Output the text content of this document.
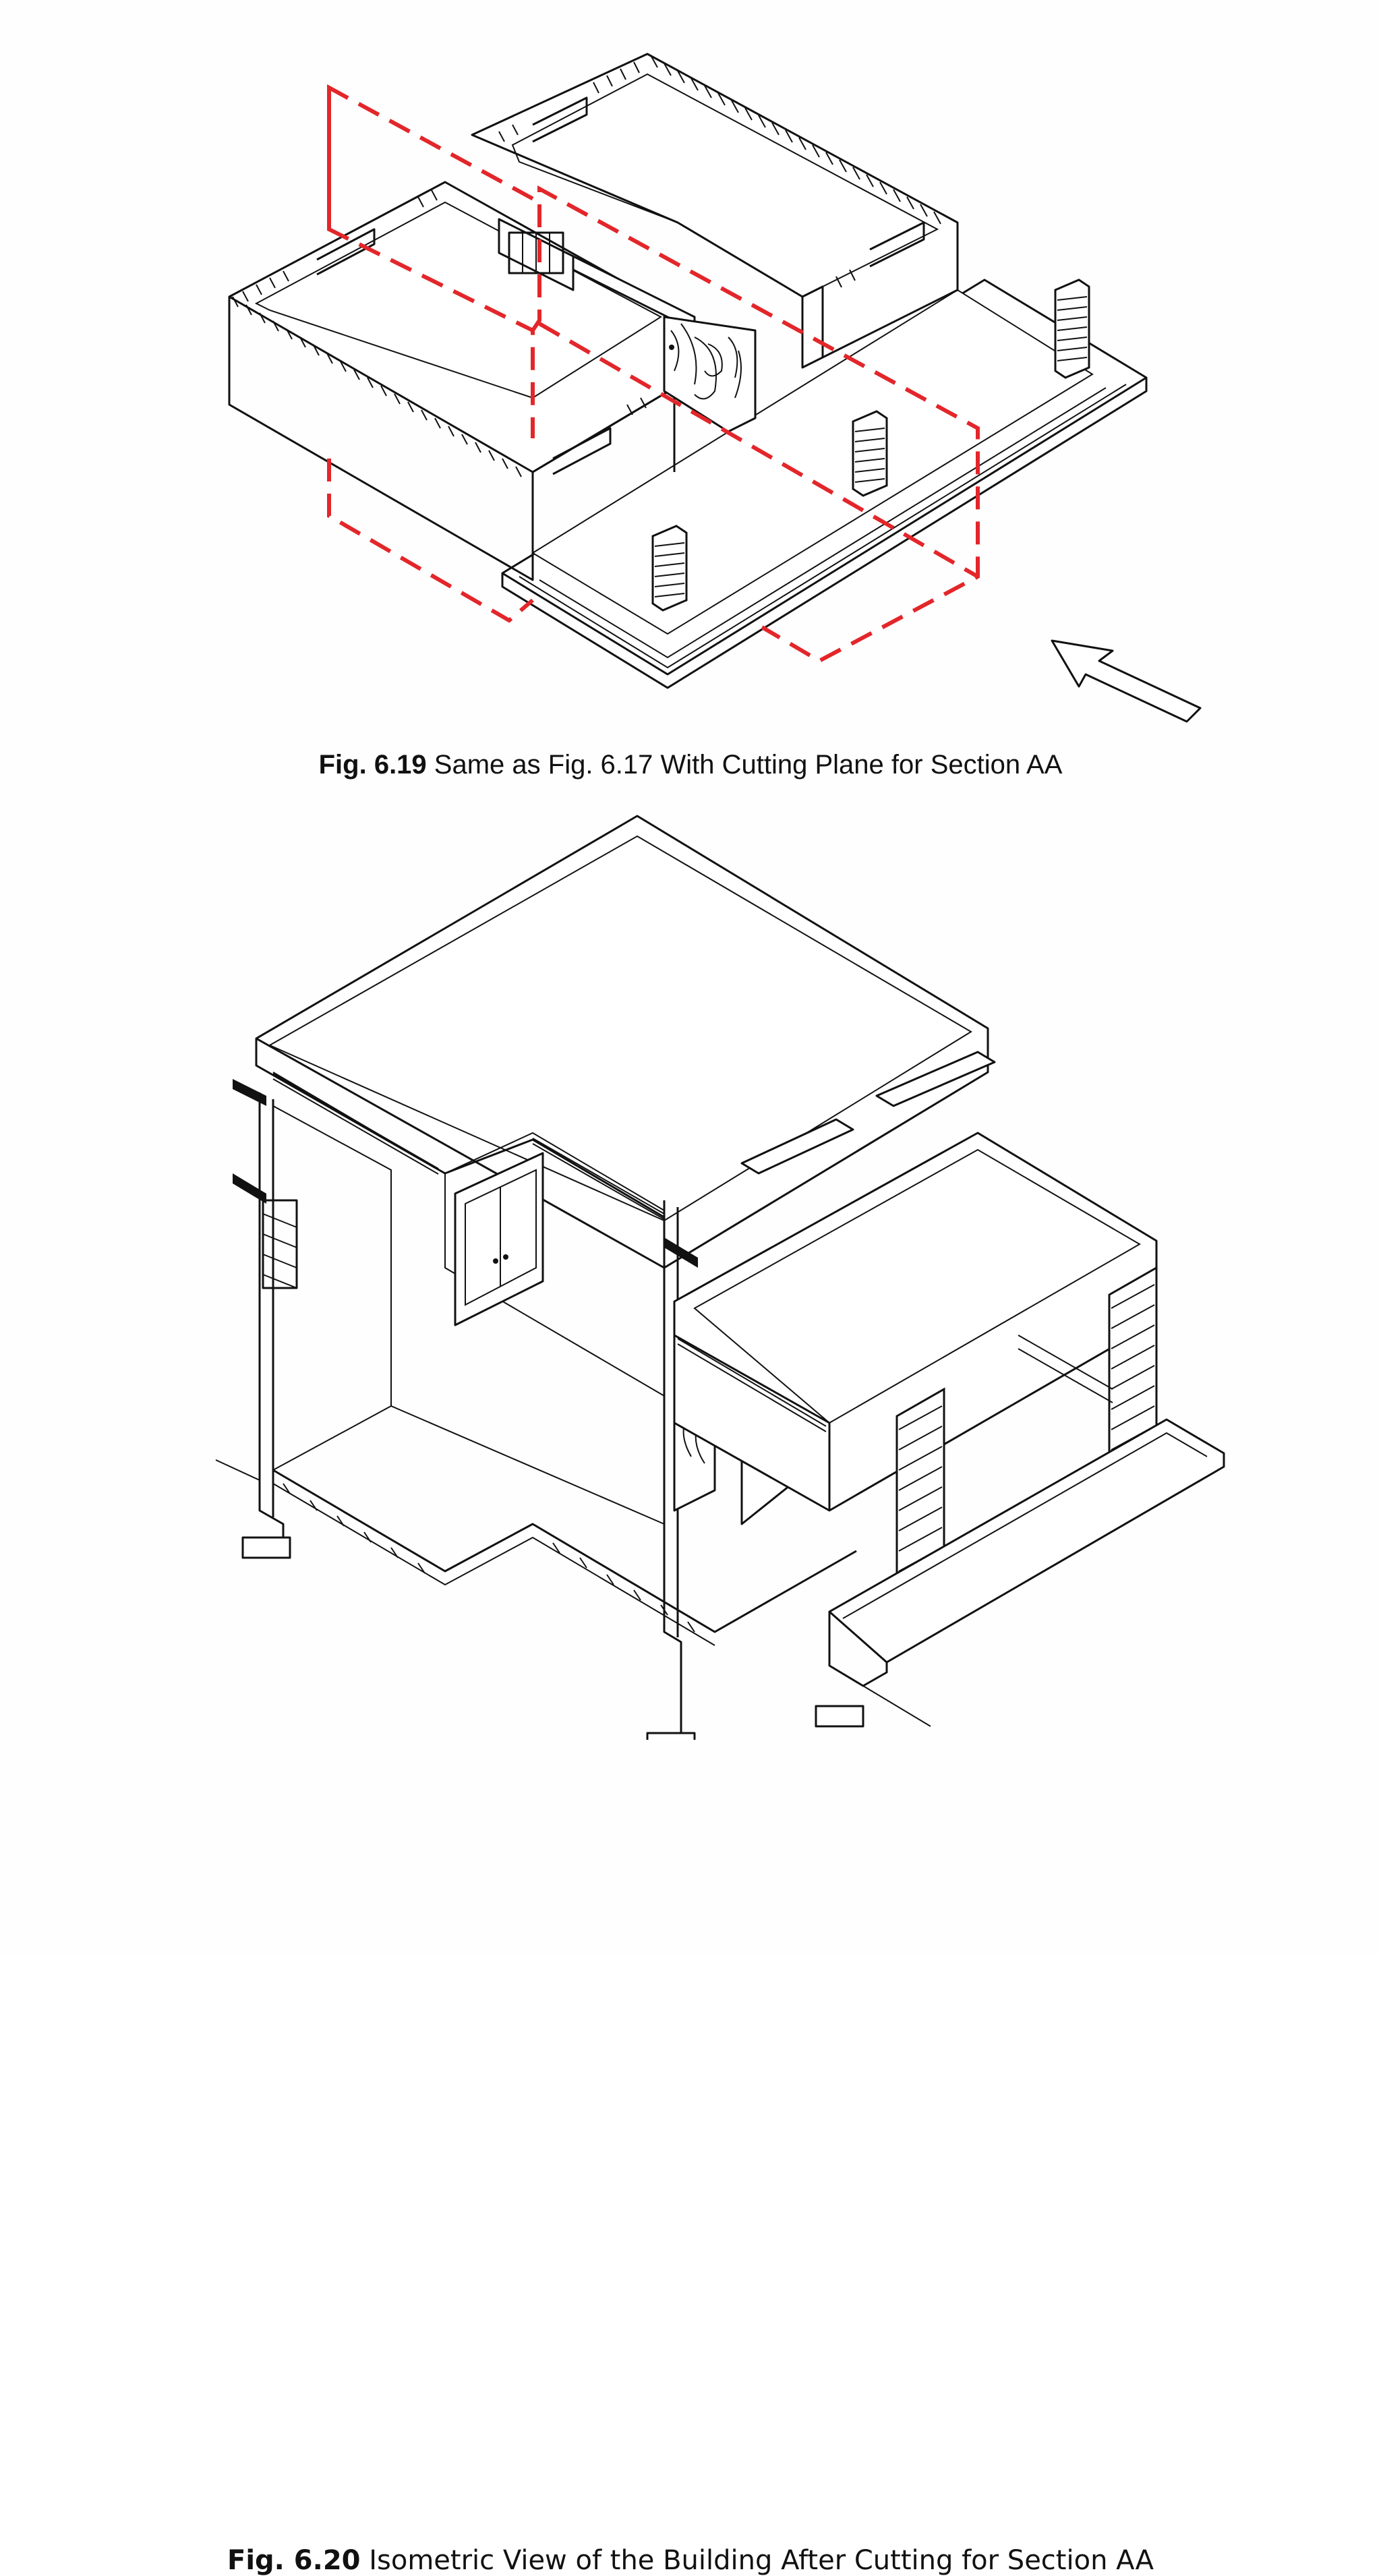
Fig. 6.19 Same as Fig. 6.17 With Cutting Plane for Section AA
Fig. 6.20 Isometric View of the Building After Cutting for Section AA
